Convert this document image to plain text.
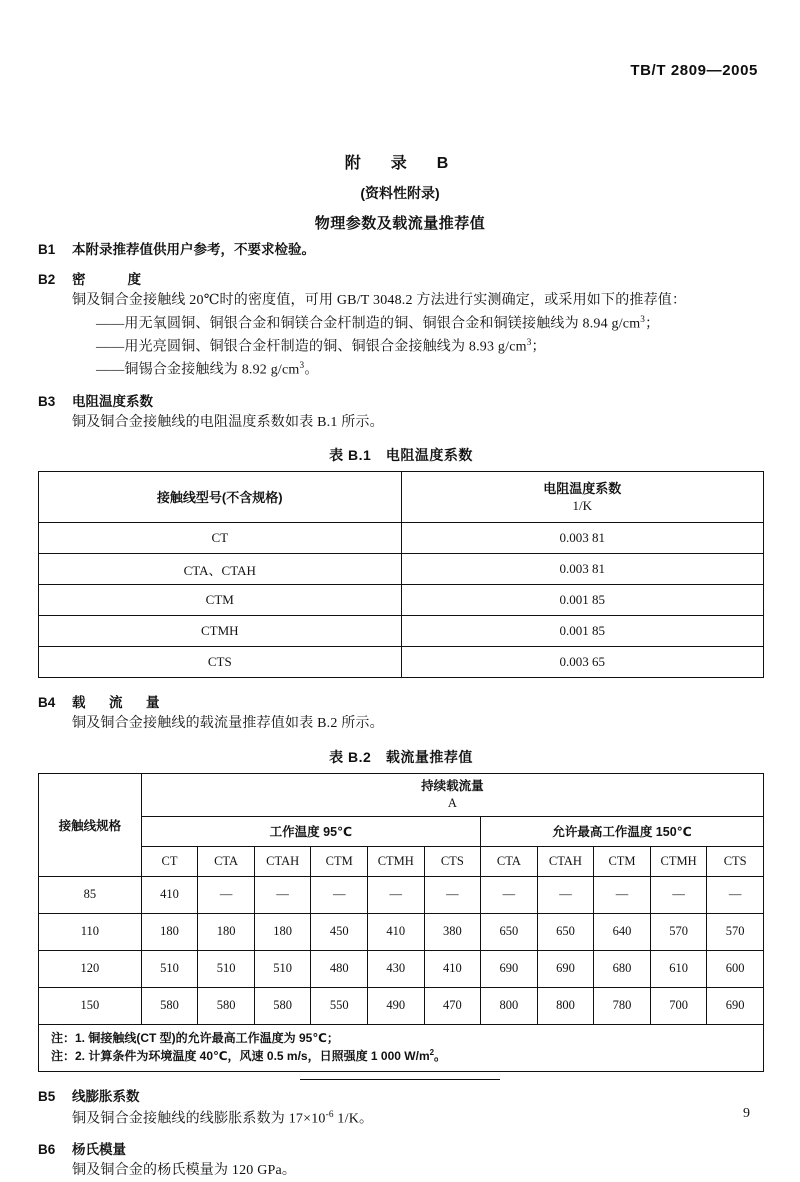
TB/T 2809—2005
附　录　B
(资料性附录)
物理参数及载流量推荐值
B1	本附录推荐值供用户参考，不要求检验。
B2	密　　度
铜及铜合金接触线 20℃时的密度值，可用 GB/T 3048.2 方法进行实测确定，或采用如下的推荐值：
——用无氧圆铜、铜银合金和铜镁合金杆制造的铜、铜银合金和铜镁接触线为 8.94 $g/cm^3$；
——用光亮圆铜、铜银合金杆制造的铜、铜银合金接触线为 8.93 $g/cm^3$；
——铜锡合金接触线为 8.92 $g/cm^3$。
B3	电阻温度系数
铜及铜合金接触线的电阻温度系数如表 B.1 所示。
表 B.1　电阻温度系数
接触线型号(不含规格)	电阻温度系数
1/K

CT	0.003 81
CTA、CTAH	0.003 81
CTM	0.001 85
CTMH	0.001 85
CTS	0.003 65
B4	载　流　量
铜及铜合金接触线的载流量推荐值如表 B.2 所示。
表 B.2　载流量推荐值
接触线规格	持续载流量
A										

	工作温度 95℃						允许最高工作温度 150℃				
	CT	CTA	CTAH	CTM	CTMH	CTS	CTA	CTAH	CTM	CTMH	CTS
85	410	—	—	—	—	—	—	—	—	—	—
110	180	180	180	450	410	380	650	650	640	570	570
120	510	510	510	480	430	410	690	690	680	610	600
150	580	580	580	550	490	470	800	800	780	700	690

注：1. 铜接触线(CT 型)的允许最高工作温度为 95℃；
注：2. 计算条件为环境温度 40℃，风速 0.5 m/s，日照强度 1 000 $W/m^2$。											
B5	线膨胀系数
铜及铜合金接触线的线膨胀系数为 $17\times 10^{-6}$ 1/K。
B6	杨氏模量
铜及铜合金的杨氏模量为 120 GPa。
9
